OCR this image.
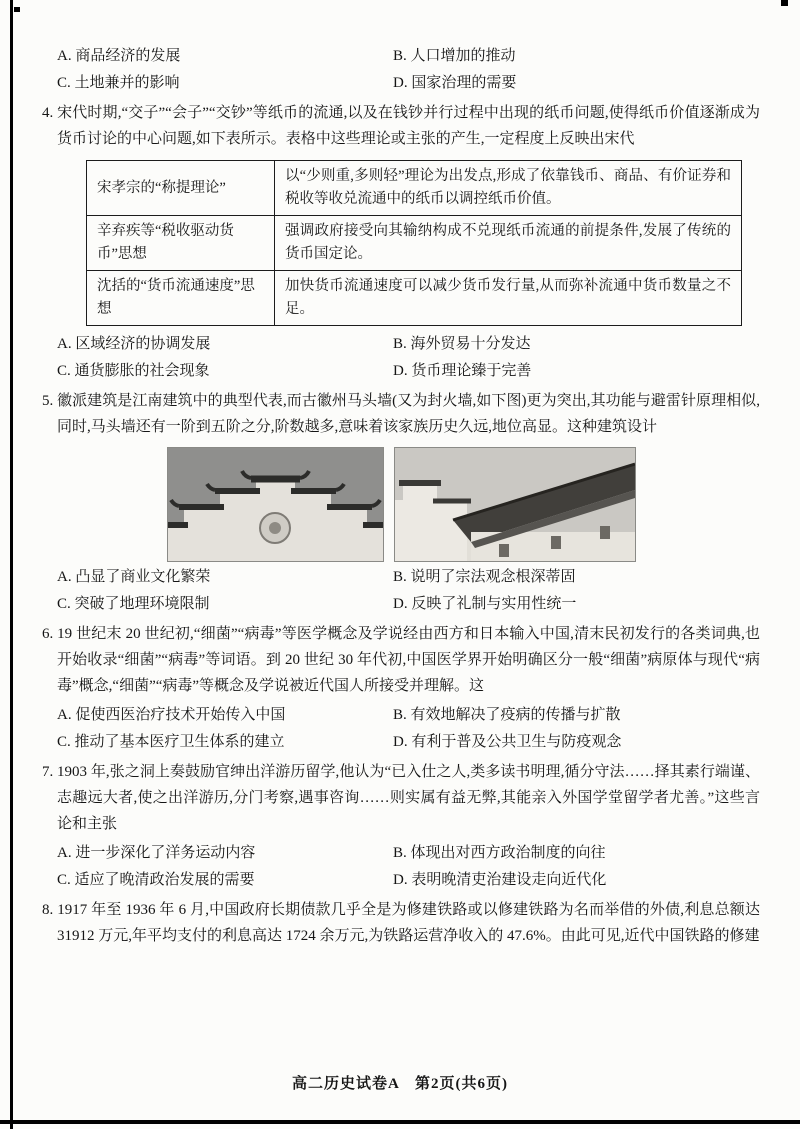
A. 商品经济的发展	B. 人口增加的推动
C. 土地兼并的影响	D. 国家治理的需要

4. 宋代时期,“交子”“会子”“交钞”等纸币的流通,以及在钱钞并行过程中出现的纸币问题,使得纸币价值逐渐成为货币讨论的中心问题,如下表所示。表格中这些理论或主张的产生,一定程度上反映出宋代

宋孝宗的“称提理论”	以“少则重,多则轻”理论为出发点,形成了依靠钱币、商品、有价证券和税收等收兑流通中的纸币以调控纸币价值。
辛弃疾等“税收驱动货币”思想	强调政府接受向其输纳构成不兑现纸币流通的前提条件,发展了传统的货币国定论。
沈括的“货币流通速度”思想	加快货币流通速度可以减少货币发行量,从而弥补流通中货币数量之不足。
A. 区域经济的协调发展	B. 海外贸易十分发达
C. 通货膨胀的社会现象	D. 货币理论臻于完善

5. 徽派建筑是江南建筑中的典型代表,而古徽州马头墙(又为封火墙,如下图)更为突出,其功能与避雷针原理相似,同时,马头墙还有一阶到五阶之分,阶数越多,意味着该家族历史久远,地位高显。这种建筑设计

A. 凸显了商业文化繁荣	B. 说明了宗法观念根深蒂固
C. 突破了地理环境限制	D. 反映了礼制与实用性统一

6. 19 世纪末 20 世纪初,“细菌”“病毒”等医学概念及学说经由西方和日本输入中国,清末民初发行的各类词典,也开始收录“细菌”“病毒”等词语。到 20 世纪 30 年代初,中国医学界开始明确区分一般“细菌”病原体与现代“病毒”概念,“细菌”“病毒”等概念及学说被近代国人所接受并理解。这

A. 促使西医治疗技术开始传入中国	B. 有效地解决了疫病的传播与扩散
C. 推动了基本医疗卫生体系的建立	D. 有利于普及公共卫生与防疫观念

7. 1903 年,张之洞上奏鼓励官绅出洋游历留学,他认为“已入仕之人,类多读书明理,循分守法……择其素行端谨、志趣远大者,使之出洋游历,分门考察,遇事咨询……则实属有益无弊,其能亲入外国学堂留学者尤善。”这些言论和主张

A. 进一步深化了洋务运动内容	B. 体现出对西方政治制度的向往
C. 适应了晚清政治发展的需要	D. 表明晚清吏治建设走向近代化

8. 1917 年至 1936 年 6 月,中国政府长期债款几乎全是为修建铁路或以修建铁路为名而举借的外债,利息总额达 31912 万元,年平均支付的利息高达 1724 余万元,为铁路运营净收入的 47.6%。由此可见,近代中国铁路的修建

高二历史试卷A　第2页(共6页)
